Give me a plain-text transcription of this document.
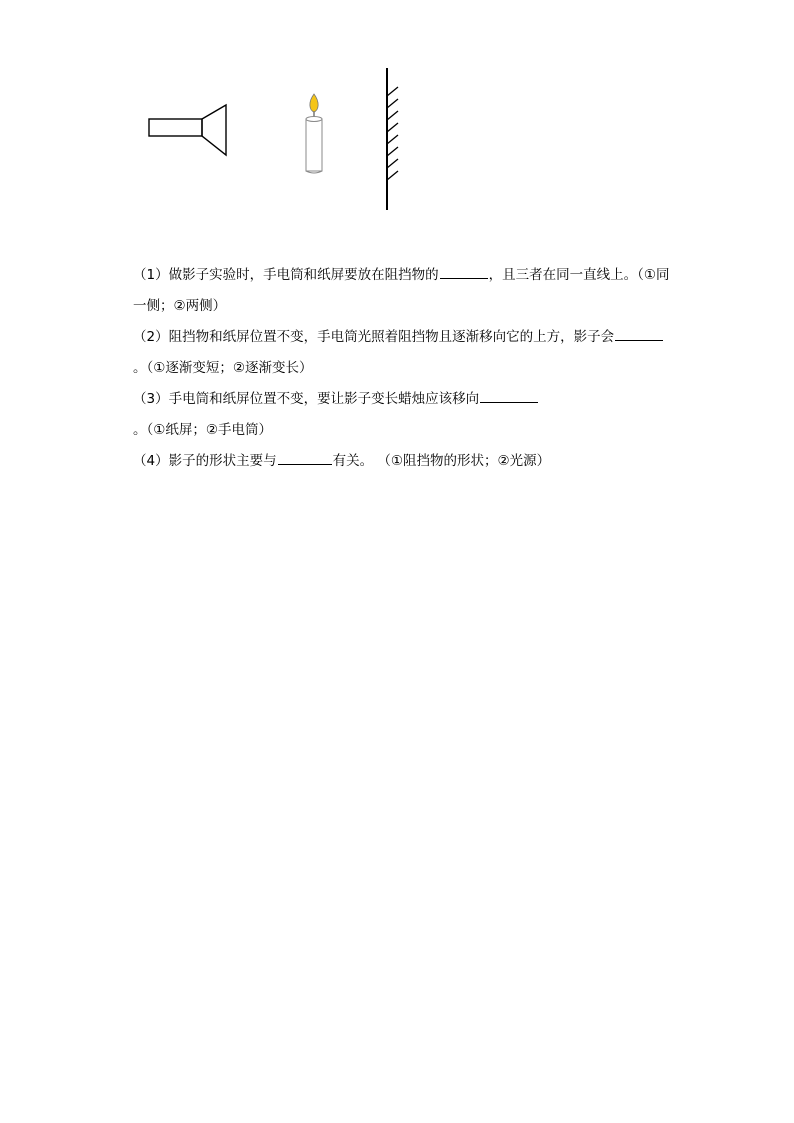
（1）做影子实验时，手电筒和纸屏要放在阻挡物的	，且三者在同一直线上。（①同一侧；②两侧）

（2）阻挡物和纸屏位置不变，手电筒光照着阻挡物且逐渐移向它的上方，影子会。（①逐渐变短；②逐渐变长）

（3）手电筒和纸屏位置不变，要让影子变长蜡烛应该移向。（①纸屏；②手电筒）

（4）影子的形状主要与	有关。 （①阻挡物的形状；②光源）
